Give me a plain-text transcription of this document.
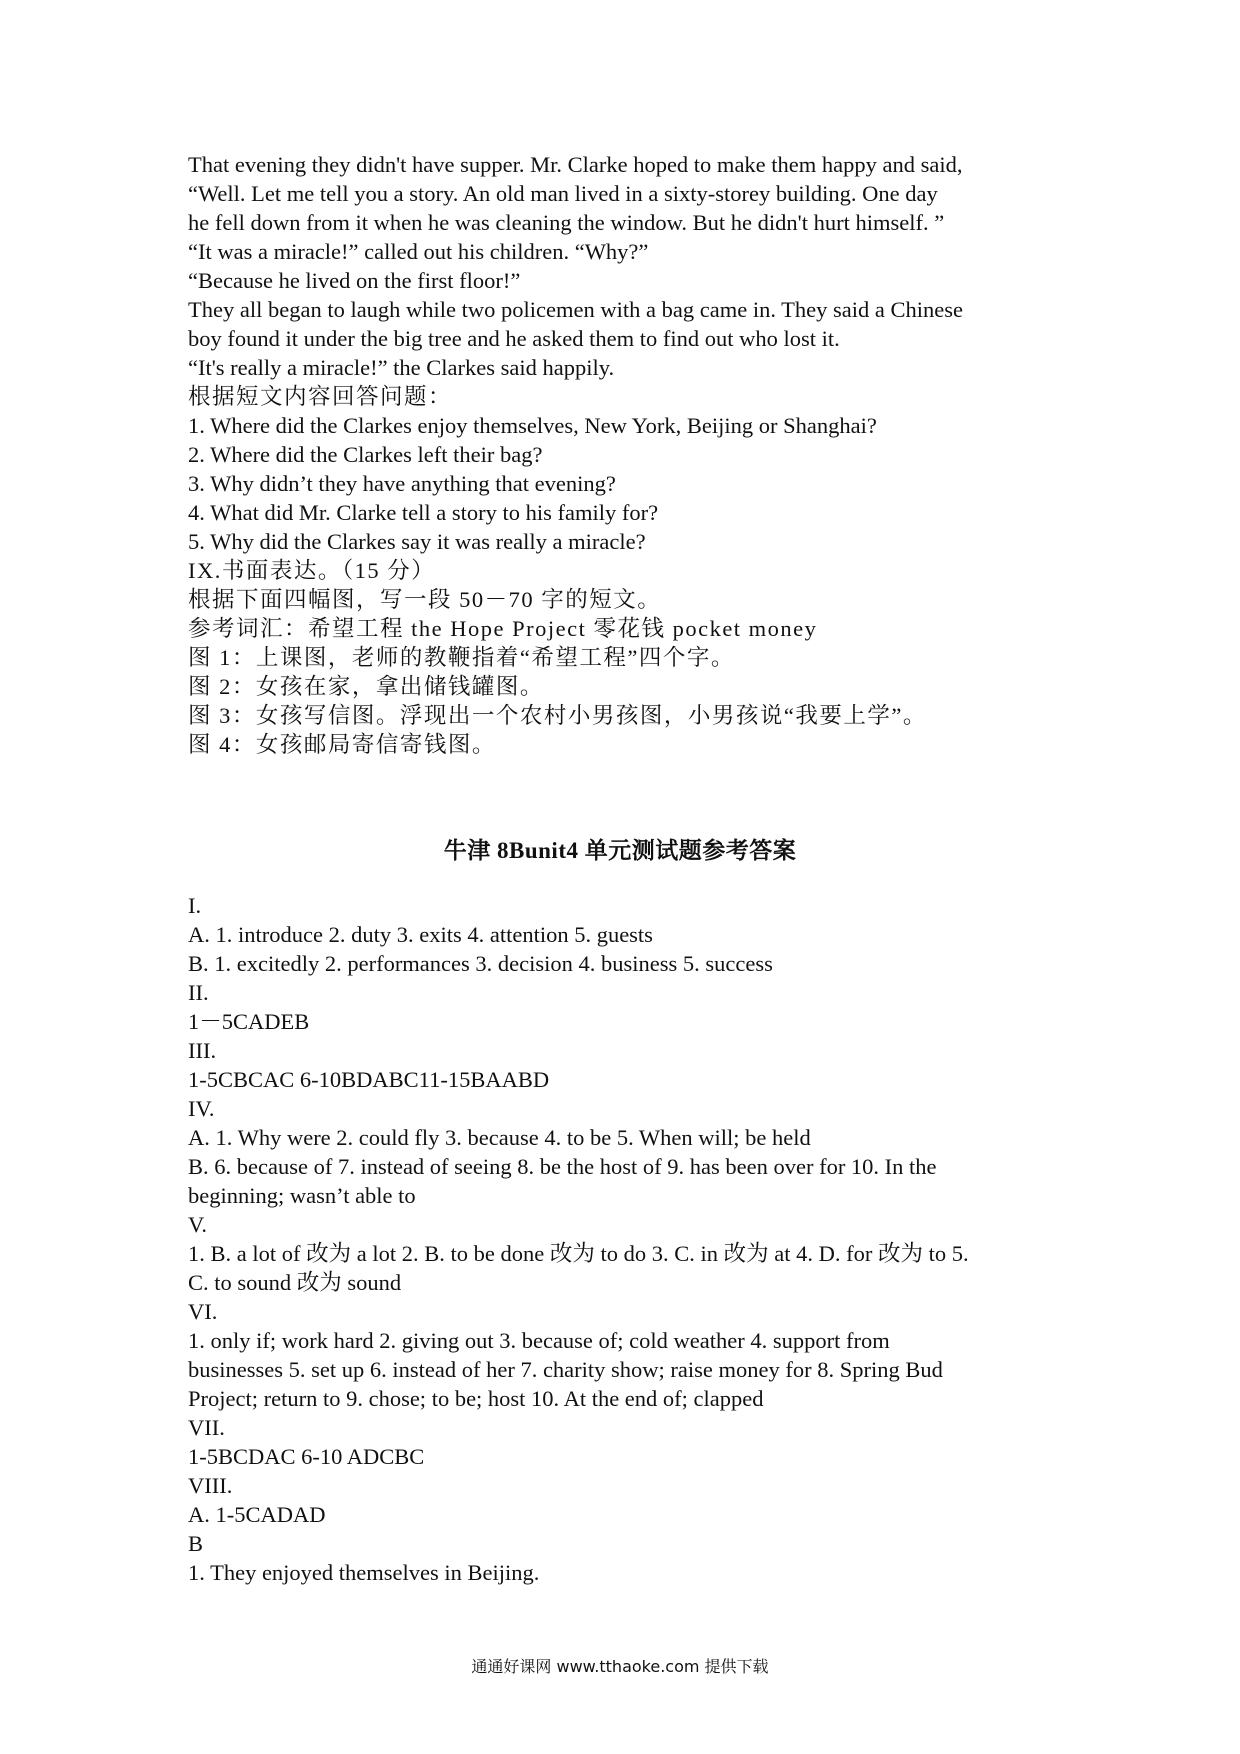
That evening they didn't have supper. Mr. Clarke hoped to make them happy and said,

“Well. Let me tell you a story. An old man lived in a sixty-storey building. One day

he fell down from it when he was cleaning the window. But he didn't hurt himself. ”

“It was a miracle!” called out his children. “Why?”

“Because he lived on the first floor!”

They all began to laugh while two policemen with a bag came in. They said a Chinese

boy found it under the big tree and he asked them to find out who lost it.

“It's really a miracle!” the Clarkes said happily.

根据短文内容回答问题：

1. Where did the Clarkes enjoy themselves, New York, Beijing or Shanghai?

2. Where did the Clarkes left their bag?

3. Why didn’t they have anything that evening?

4. What did Mr. Clarke tell a story to his family for?

5. Why did the Clarkes say it was really a miracle?

IX.书面表达。（15 分）

根据下面四幅图，写一段 50－70 字的短文。

参考词汇：希望工程 the Hope Project 零花钱 pocket money

图 1：上课图，老师的教鞭指着“希望工程”四个字。

图 2：女孩在家，拿出储钱罐图。

图 3：女孩写信图。浮现出一个农村小男孩图，小男孩说“我要上学”。

图 4：女孩邮局寄信寄钱图。

牛津 8Bunit4 单元测试题参考答案

I.

A. 1. introduce 2. duty 3. exits 4. attention 5. guests

B. 1. excitedly 2. performances 3. decision 4. business 5. success

II.

1－5CADEB

III.

1-5CBCAC 6-10BDABC11-15BAABD

IV.

A. 1. Why were 2. could fly 3. because 4. to be 5. When will; be held

B. 6. because of 7. instead of seeing 8. be the host of 9. has been over for 10. In the

beginning; wasn’t able to

V.

1. B. a lot of 改为 a lot 2. B. to be done 改为 to do 3. C. in 改为 at 4. D. for 改为 to 5.

C. to sound 改为 sound

VI.

1. only if; work hard 2. giving out 3. because of; cold weather 4. support from

businesses 5. set up 6. instead of her 7. charity show; raise money for 8. Spring Bud

Project; return to 9. chose; to be; host 10. At the end of; clapped

VII.

1-5BCDAC 6-10 ADCBC

VIII.

A. 1-5CADAD

B

1. They enjoyed themselves in Beijing.

通通好课网 www.tthaoke.com 提供下载
